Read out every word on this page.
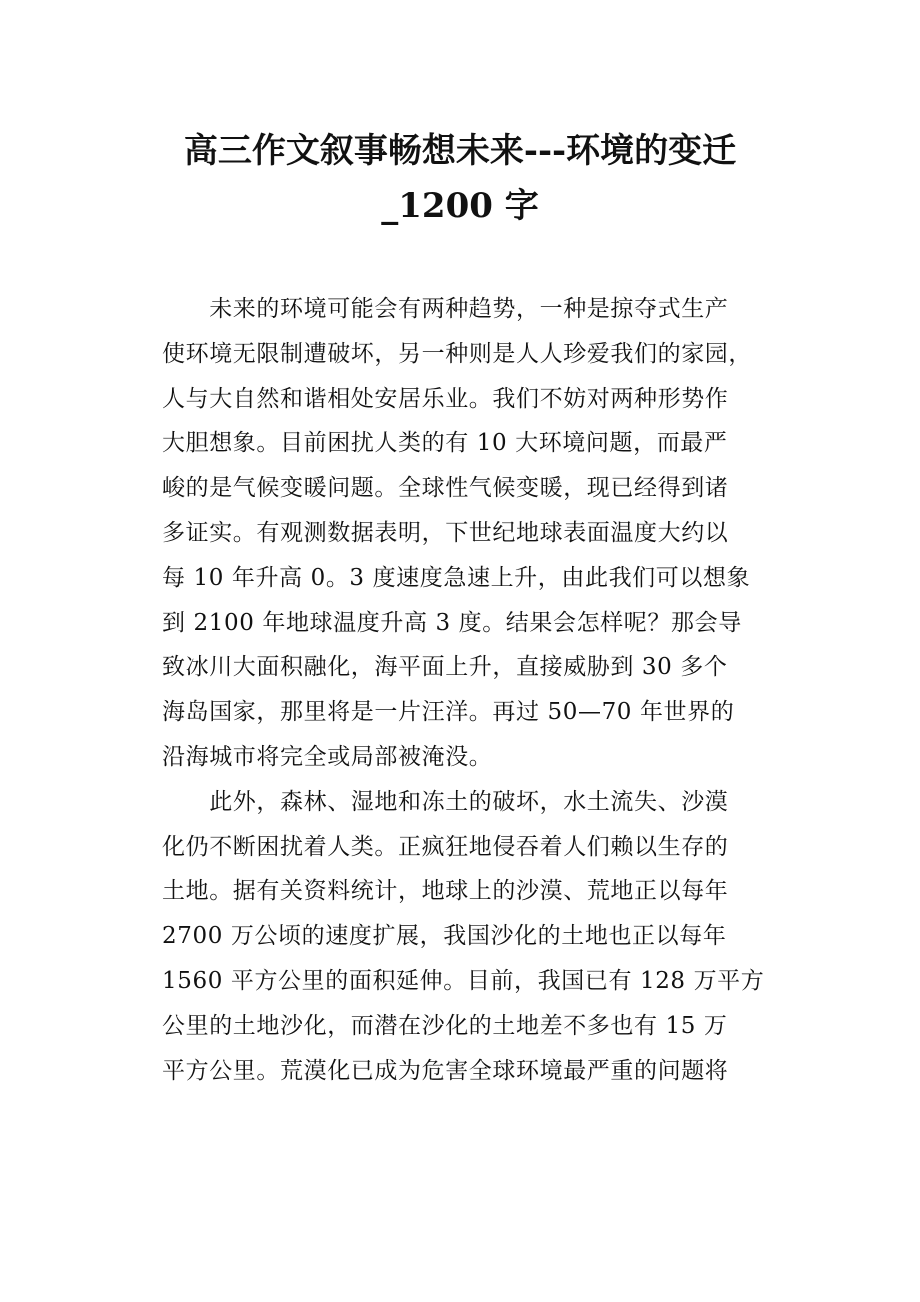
高三作文叙事畅想未来---环境的变迁
_1200 字
　　未来的环境可能会有两种趋势，一种是掠夺式生产
使环境无限制遭破坏，另一种则是人人珍爱我们的家园，
人与大自然和谐相处安居乐业。我们不妨对两种形势作
大胆想象。目前困扰人类的有 10 大环境问题，而最严
峻的是气候变暖问题。全球性气候变暖，现已经得到诸
多证实。有观测数据表明，下世纪地球表面温度大约以
每 10 年升高 0。3 度速度急速上升，由此我们可以想象
到 2100 年地球温度升高 3 度。结果会怎样呢？那会导
致冰川大面积融化，海平面上升，直接威胁到 30 多个
海岛国家，那里将是一片汪洋。再过 50—70 年世界的
沿海城市将完全或局部被淹没。
　　此外，森林、湿地和冻土的破坏，水土流失、沙漠
化仍不断困扰着人类。正疯狂地侵吞着人们赖以生存的
土地。据有关资料统计，地球上的沙漠、荒地正以每年
2700 万公顷的速度扩展，我国沙化的土地也正以每年
1560 平方公里的面积延伸。目前，我国已有 128 万平方
公里的土地沙化，而潜在沙化的土地差不多也有 15 万
平方公里。荒漠化已成为危害全球环境最严重的问题将
